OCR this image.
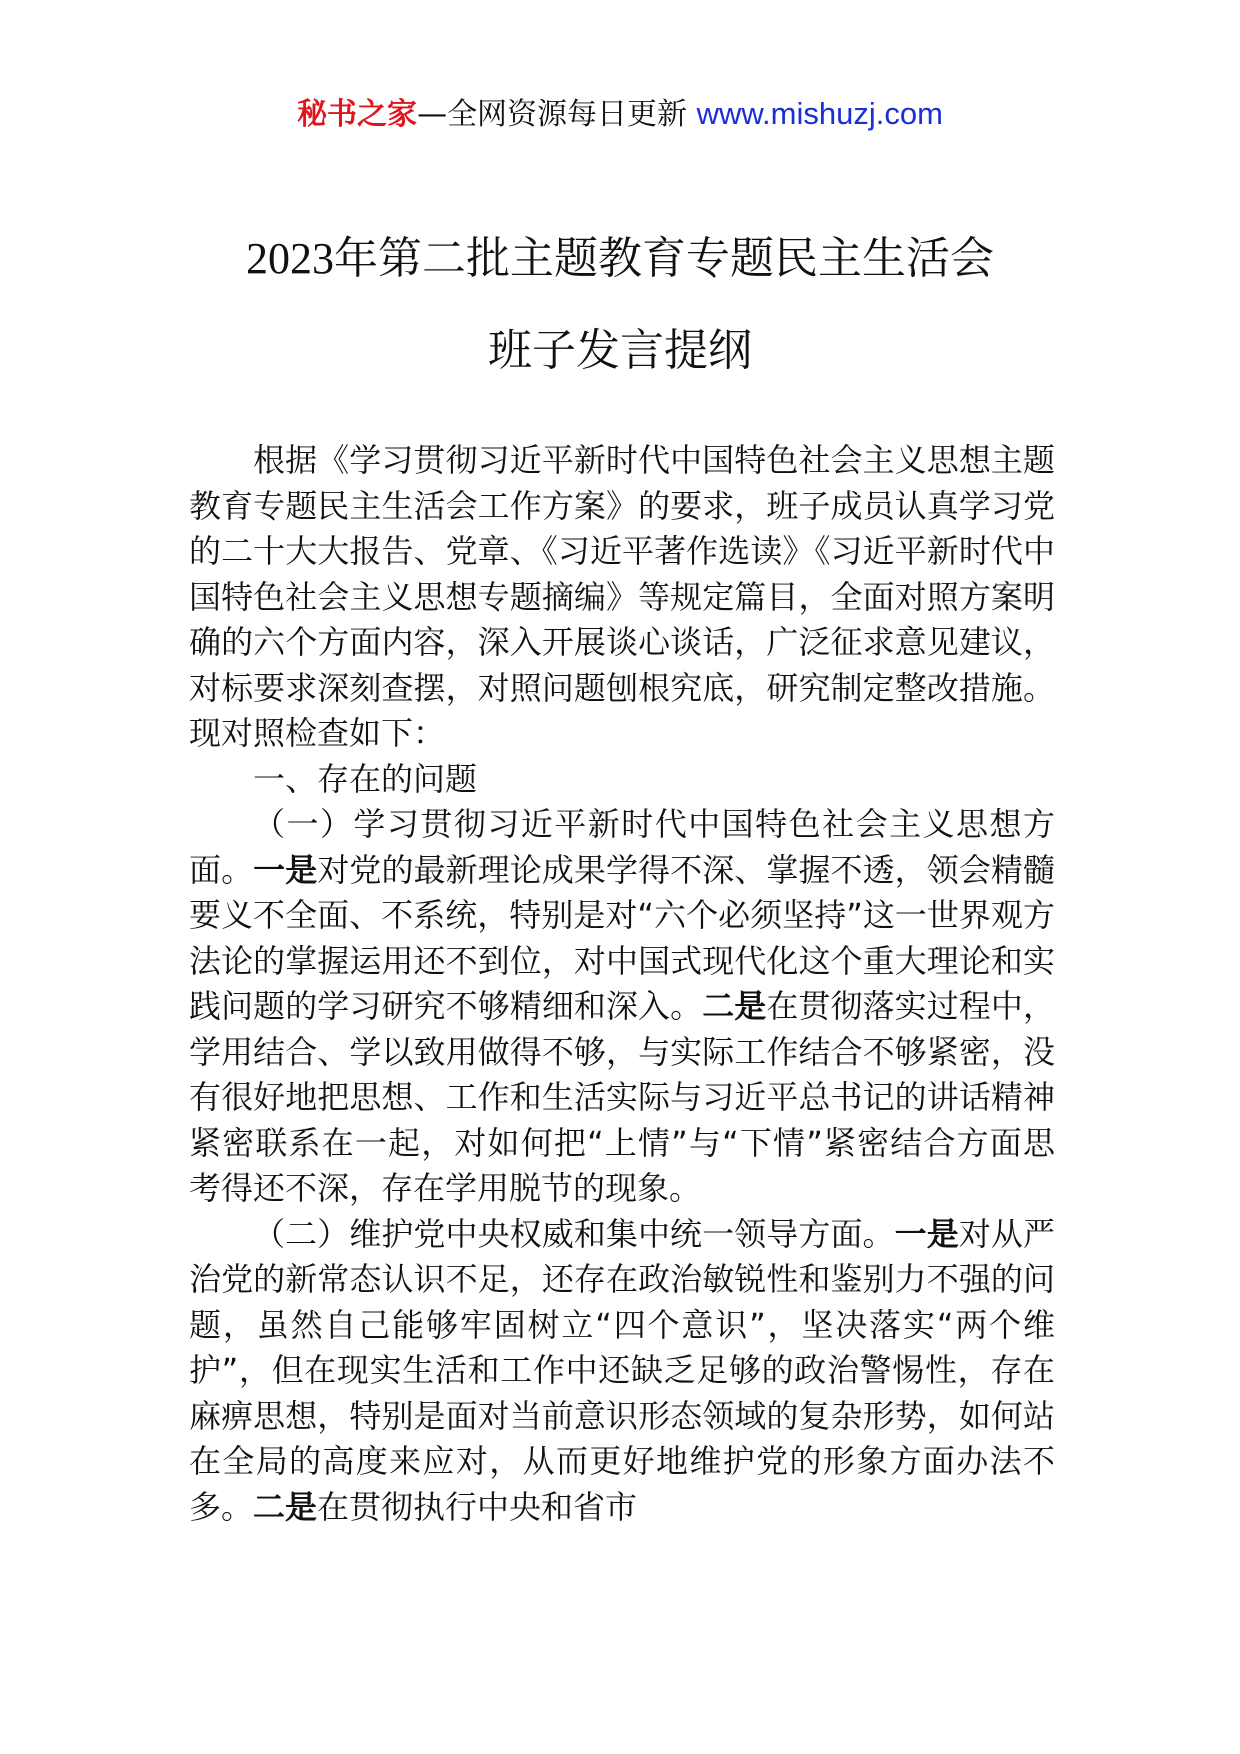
秘书之家—全网资源每日更新 www.mishuzj.com
2023年第二批主题教育专题民主生活会
班子发言提纲

根据《学习贯彻习近平新时代中国特色社会主义思想主题教育专题民主生活会工作方案》的要求，班子成员认真学习党的二十大大报告、党章、《习近平著作选读》《习近平新时代中国特色社会主义思想专题摘编》等规定篇目，全面对照方案明确的六个方面内容，深入开展谈心谈话，广泛征求意见建议，对标要求深刻查摆，对照问题刨根究底，研究制定整改措施。现对照检查如下：

一、存在的问题

（一）学习贯彻习近平新时代中国特色社会主义思想方面。一是对党的最新理论成果学得不深、掌握不透，领会精髓要义不全面、不系统，特别是对“六个必须坚持”这一世界观方法论的掌握运用还不到位，对中国式现代化这个重大理论和实践问题的学习研究不够精细和深入。二是在贯彻落实过程中，学用结合、学以致用做得不够，与实际工作结合不够紧密，没有很好地把思想、工作和生活实际与习近平总书记的讲话精神紧密联系在一起，对如何把“上情”与“下情”紧密结合方面思考得还不深，存在学用脱节的现象。

（二）维护党中央权威和集中统一领导方面。一是对从严治党的新常态认识不足，还存在政治敏锐性和鉴别力不强的问题，虽然自己能够牢固树立“四个意识”，坚决落实“两个维护”，但在现实生活和工作中还缺乏足够的政治警惕性，存在麻痹思想，特别是面对当前意识形态领域的复杂形势，如何站在全局的高度来应对，从而更好地维护党的形象方面办法不多。二是在贯彻执行中央和省市
